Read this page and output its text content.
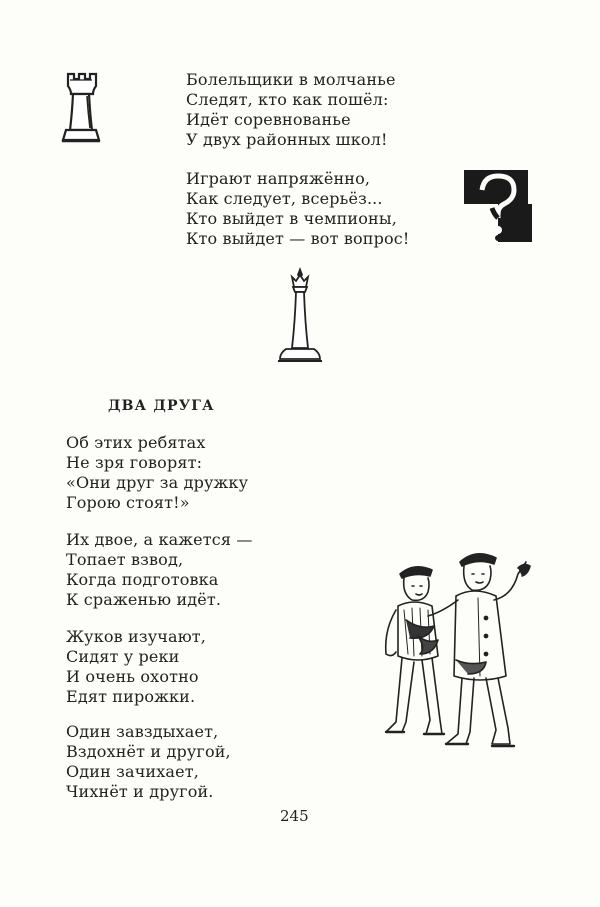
Болельщики в молчанье
Следят, кто как пошёл:
Идёт соревнованье
У двух районных школ!
Играют напряжённо,
Как следует, всерьёз...
Кто выйдет в чемпионы,
Кто выйдет — вот вопрос!
ДВА ДРУГА
Об этих ребятах
Не зря говорят:
«Они друг за дружку
Горою стоят!»
Их двое, а кажется —
Топает взвод,
Когда подготовка
К сраженью идёт.
Жуков изучают,
Сидят у реки
И очень охотно
Едят пирожки.
Один завздыхает,
Вздохнёт и другой,
Один зачихает,
Чихнёт и другой.
245
